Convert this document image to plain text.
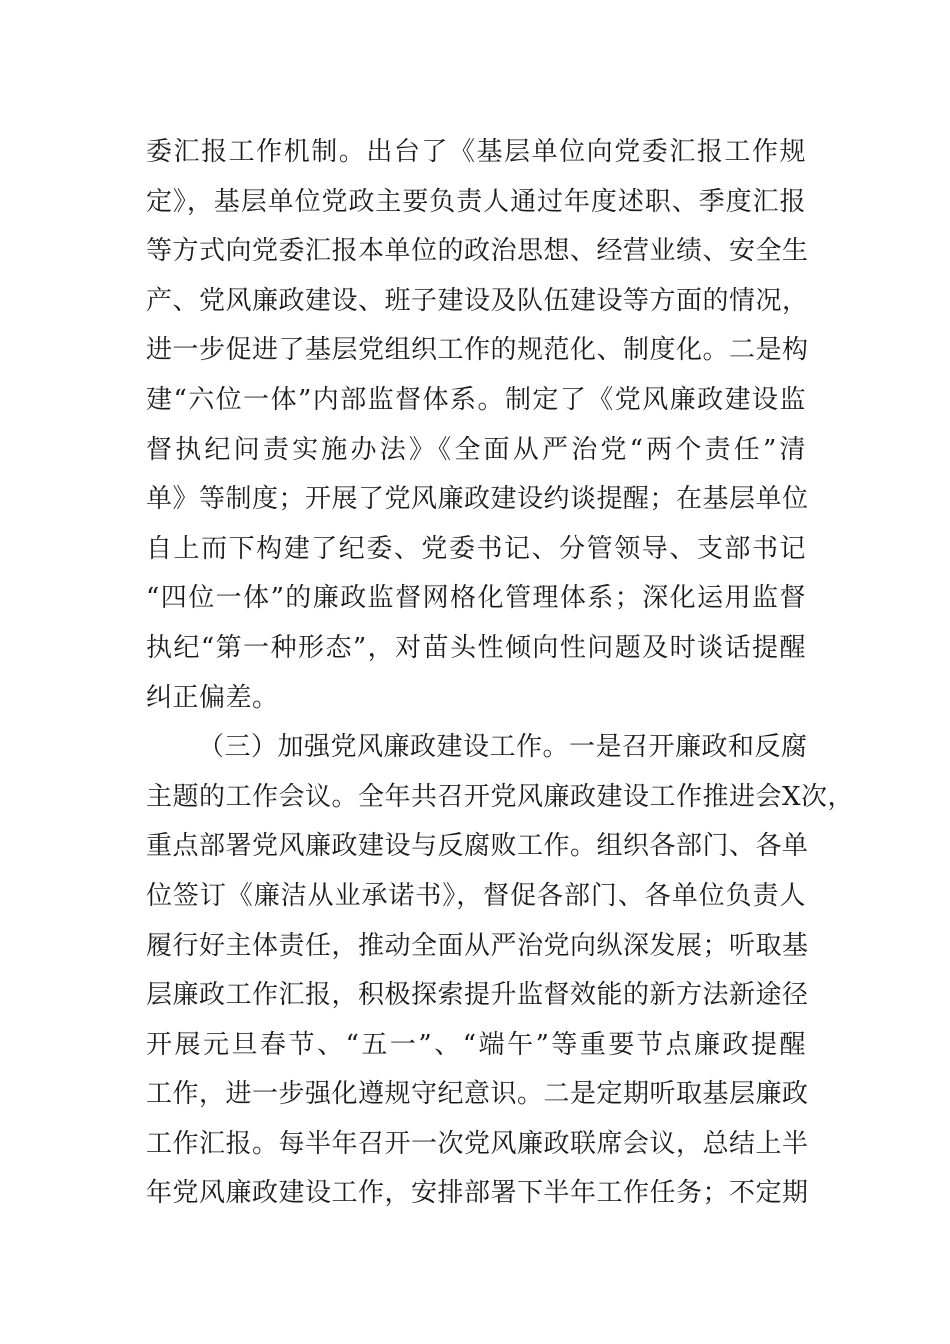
委汇报工作机制。出台了《基层单位向党委汇报工作规
定》，基层单位党政主要负责人通过年度述职、季度汇报
等方式向党委汇报本单位的政治思想、经营业绩、安全生
产、党风廉政建设、班子建设及队伍建设等方面的情况，
进一步促进了基层党组织工作的规范化、制度化。二是构
建“六位一体”内部监督体系。制定了《党风廉政建设监
督执纪问责实施办法》《全面从严治党“两个责任”清
单》等制度；开展了党风廉政建设约谈提醒；在基层单位
自上而下构建了纪委、党委书记、分管领导、支部书记
“四位一体”的廉政监督网格化管理体系；深化运用监督
执纪“第一种形态”，对苗头性倾向性问题及时谈话提醒
纠正偏差。
（三）加强党风廉政建设工作。一是召开廉政和反腐
主题的工作会议。全年共召开党风廉政建设工作推进会X次，
重点部署党风廉政建设与反腐败工作。组织各部门、各单
位签订《廉洁从业承诺书》，督促各部门、各单位负责人
履行好主体责任，推动全面从严治党向纵深发展；听取基
层廉政工作汇报，积极探索提升监督效能的新方法新途径
开展元旦春节、“五一”、“端午”等重要节点廉政提醒
工作，进一步强化遵规守纪意识。二是定期听取基层廉政
工作汇报。每半年召开一次党风廉政联席会议，总结上半
年党风廉政建设工作，安排部署下半年工作任务；不定期
